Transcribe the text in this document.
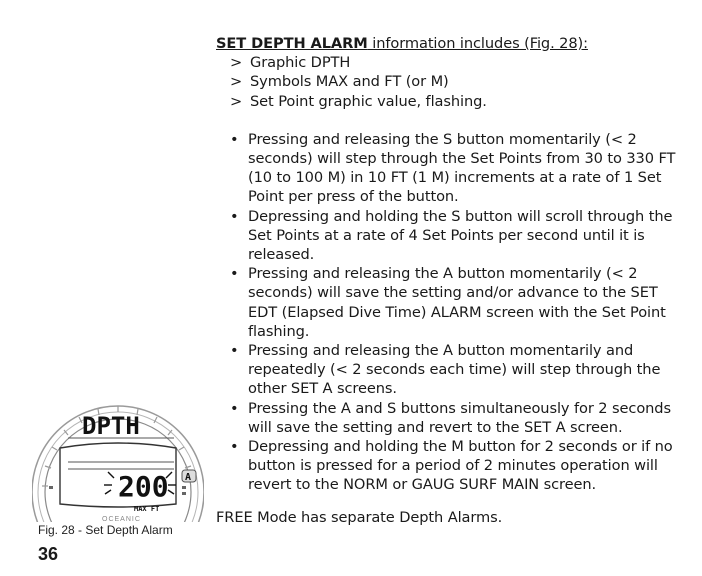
SET DEPTH ALARM information includes (Fig. 28):

> Graphic DPTH
> Symbols MAX and FT (or M)
> Set Point graphic value, flashing.
• Pressing and releasing the S button momentarily (< 2 seconds) will step through the Set Points from 30 to 330 FT (10 to 100 M) in 10 FT (1 M) increments at a rate of 1 Set Point per press of the button.
• Depressing and holding the S button will scroll through the Set Points at a rate of 4 Set Points per second until it is released.
• Pressing and releasing the A button momentarily (< 2 seconds) will save the setting and/or advance to the SET EDT (Elapsed Dive Time) ALARM screen with the Set Point flashing.
• Pressing and releasing the A button momentarily and repeatedly (< 2 seconds each time) will step through the other SET A screens.
• Pressing the A and S buttons simultaneously for 2 seconds will save the setting and revert to the SET A screen.
• Depressing and holding the M button for 2 seconds or if no button is pressed for a period of 2 minutes operation will revert to the NORM or GAUG SURF MAIN screen.

FREE Mode has separate Depth Alarms.

DPTH
200
MAX FT
A
OCEANIC
Fig. 28 - Set Depth Alarm
36
